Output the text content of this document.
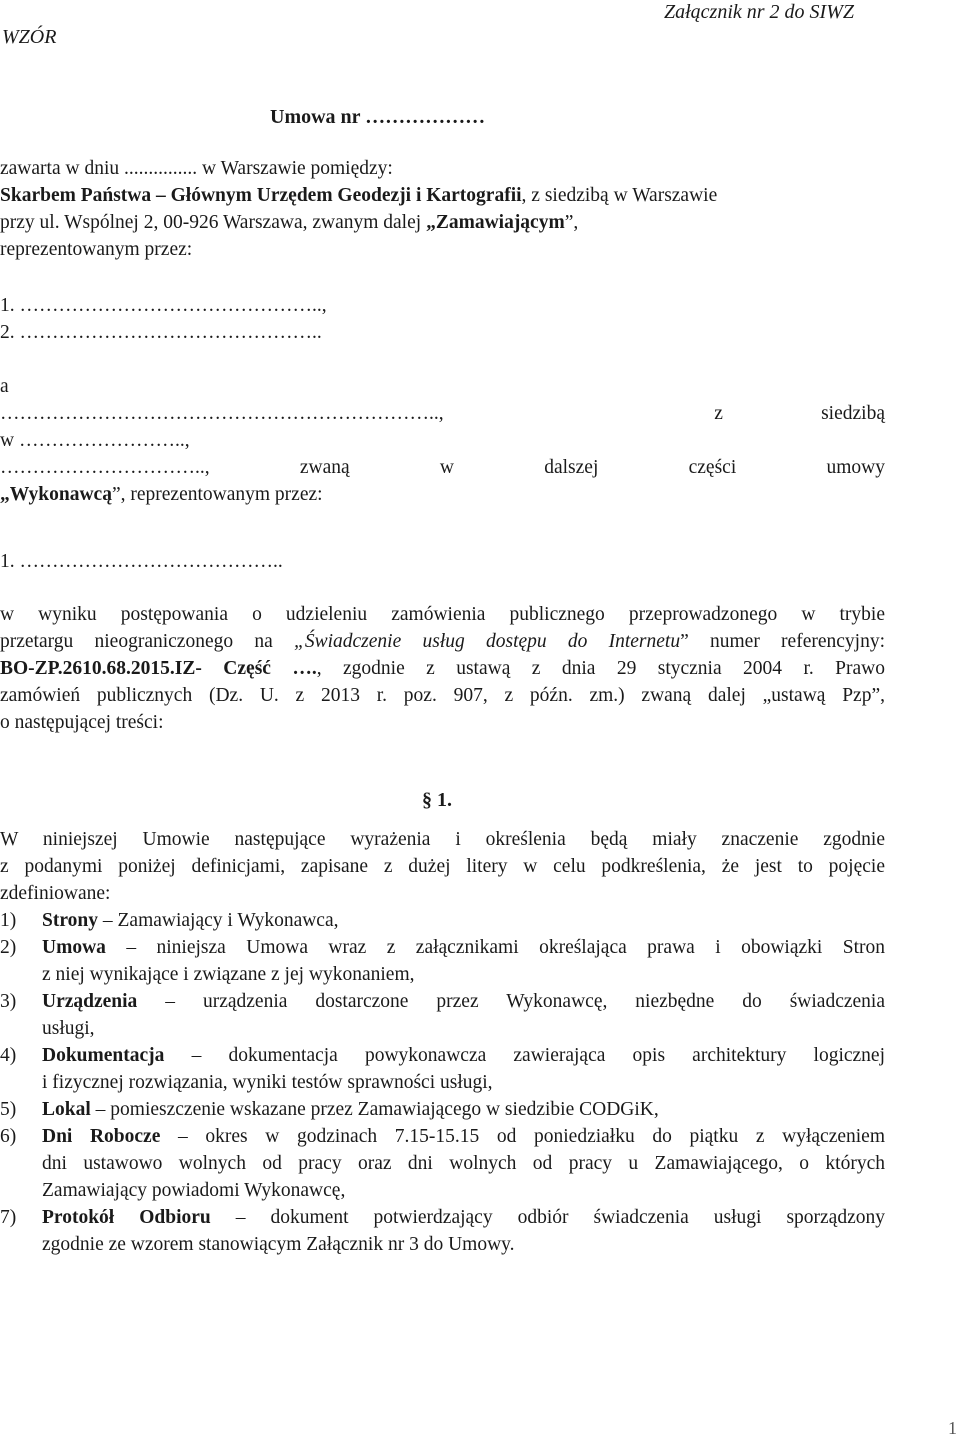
Załącznik nr 2 do SIWZ
WZÓR
Umowa nr ………………
zawarta w dniu ............... w Warszawie pomiędzy:
Skarbem Państwa – Głównym Urzędem Geodezji i Kartografii, z siedzibą w Warszawie
przy ul. Wspólnej 2, 00-926 Warszawa, zwanym dalej „Zamawiającym”,
reprezentowanym przez:
1. ………………………………………..,
2. ………………………………………..
a
…………………………………………………………..,	z	siedzibą
w ……………………..,
…………………………..,	zwaną	w	dalszej	części	umowy
„Wykonawcą”, reprezentowanym przez:
1. …………………………………..
w wyniku postępowania o udzieleniu zamówienia publicznego przeprowadzonego w trybie
przetargu nieograniczonego na „Świadczenie usług dostępu do Internetu” numer referencyjny:
BO-ZP.2610.68.2015.IZ- Część …., zgodnie z ustawą z dnia 29 stycznia 2004 r. Prawo
zamówień publicznych (Dz. U. z 2013 r. poz. 907, z późn. zm.) zwaną dalej „ustawą Pzp”,
o następującej treści:
§ 1.
W niniejszej Umowie następujące wyrażenia i określenia będą miały znaczenie zgodnie
z podanymi poniżej definicjami, zapisane z dużej litery w celu podkreślenia, że jest to pojęcie
zdefiniowane:
1)	Strony – Zamawiający i Wykonawca,
2)	Umowa – niniejsza Umowa wraz z załącznikami określająca prawa i obowiązki Stron
z niej wynikające i związane z jej wykonaniem,
3)	Urządzenia – urządzenia dostarczone przez Wykonawcę, niezbędne do świadczenia
usługi,
4)	Dokumentacja – dokumentacja powykonawcza zawierająca opis architektury logicznej
i fizycznej rozwiązania, wyniki testów sprawności usługi,
5)	Lokal – pomieszczenie wskazane przez Zamawiającego w siedzibie CODGiK,
6)	Dni Robocze – okres w godzinach 7.15-15.15 od poniedziałku do piątku z wyłączeniem
dni ustawowo wolnych od pracy oraz dni wolnych od pracy u Zamawiającego, o których
Zamawiający powiadomi Wykonawcę,
7)	Protokół Odbioru – dokument potwierdzający odbiór świadczenia usługi sporządzony
zgodnie ze wzorem stanowiącym Załącznik nr 3 do Umowy.
1
